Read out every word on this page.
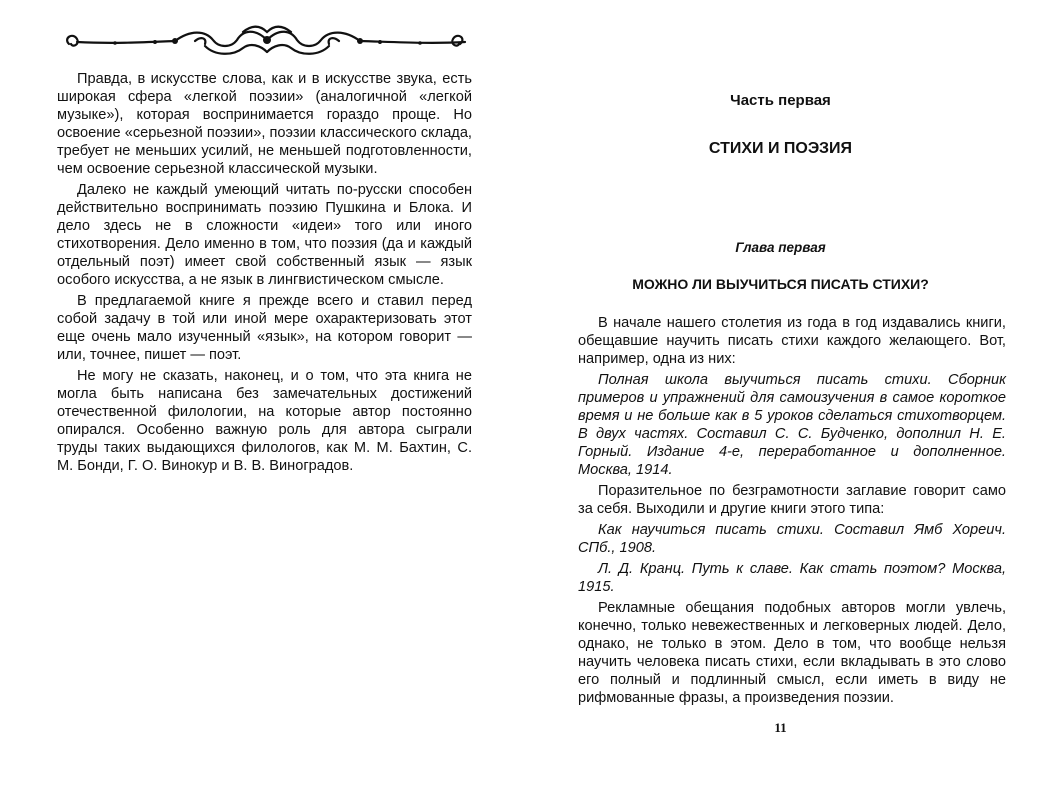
Правда, в искусстве слова, как и в искусстве звука, есть широкая сфера «легкой поэзии» (аналогичной «легкой музыке»), которая воспринимается гораздо проще. Но освоение «серьезной поэзии», поэзии классического склада, требует не меньших усилий, не меньшей подготовленности, чем освоение серьезной классической музыки.

Далеко не каждый умеющий читать по-русски способен действительно воспринимать поэзию Пушкина и Блока. И дело здесь не в сложности «идеи» того или иного стихотворения. Дело именно в том, что поэзия (да и каждый отдельный поэт) имеет свой собственный язык — язык особого искусства, а не язык в лингвистическом смысле.

В предлагаемой книге я прежде всего и ставил перед собой задачу в той или иной мере охарактеризовать этот еще очень мало изученный «язык», на котором говорит — или, точнее, пишет — поэт.

Не могу не сказать, наконец, и о том, что эта книга не могла быть написана без замечательных достижений отечественной филологии, на которые автор постоянно опирался. Особенно важную роль для автора сыграли труды таких выдающихся филологов, как М. М. Бахтин, С. М. Бонди, Г. О. Винокур и В. В. Виноградов.

Часть первая
СТИХИ И ПОЭЗИЯ
Глава первая
МОЖНО ЛИ ВЫУЧИТЬСЯ ПИСАТЬ СТИХИ?

В начале нашего столетия из года в год издавались книги, обещавшие научить писать стихи каждого желающего. Вот, например, одна из них:

Полная школа выучиться писать стихи. Сборник примеров и упражнений для самоизучения в самое короткое время и не больше как в 5 уроков сделаться стихотворцем. В двух частях. Составил С. С. Будченко, дополнил Н. Е. Горный. Издание 4-е, переработанное и дополненное. Москва, 1914.

Поразительное по безграмотности заглавие говорит само за себя. Выходили и другие книги этого типа:

Как научиться писать стихи. Составил Ямб Хореич. СПб., 1908.

Л. Д. Кранц. Путь к славе. Как стать поэтом? Москва, 1915.

Рекламные обещания подобных авторов могли увлечь, конечно, только невежественных и легковерных людей. Дело, однако, не только в этом. Дело в том, что вообще нельзя научить человека писать стихи, если вкладывать в это слово его полный и подлинный смысл, если иметь в виду не рифмованные фразы, а произведения поэзии.

11
